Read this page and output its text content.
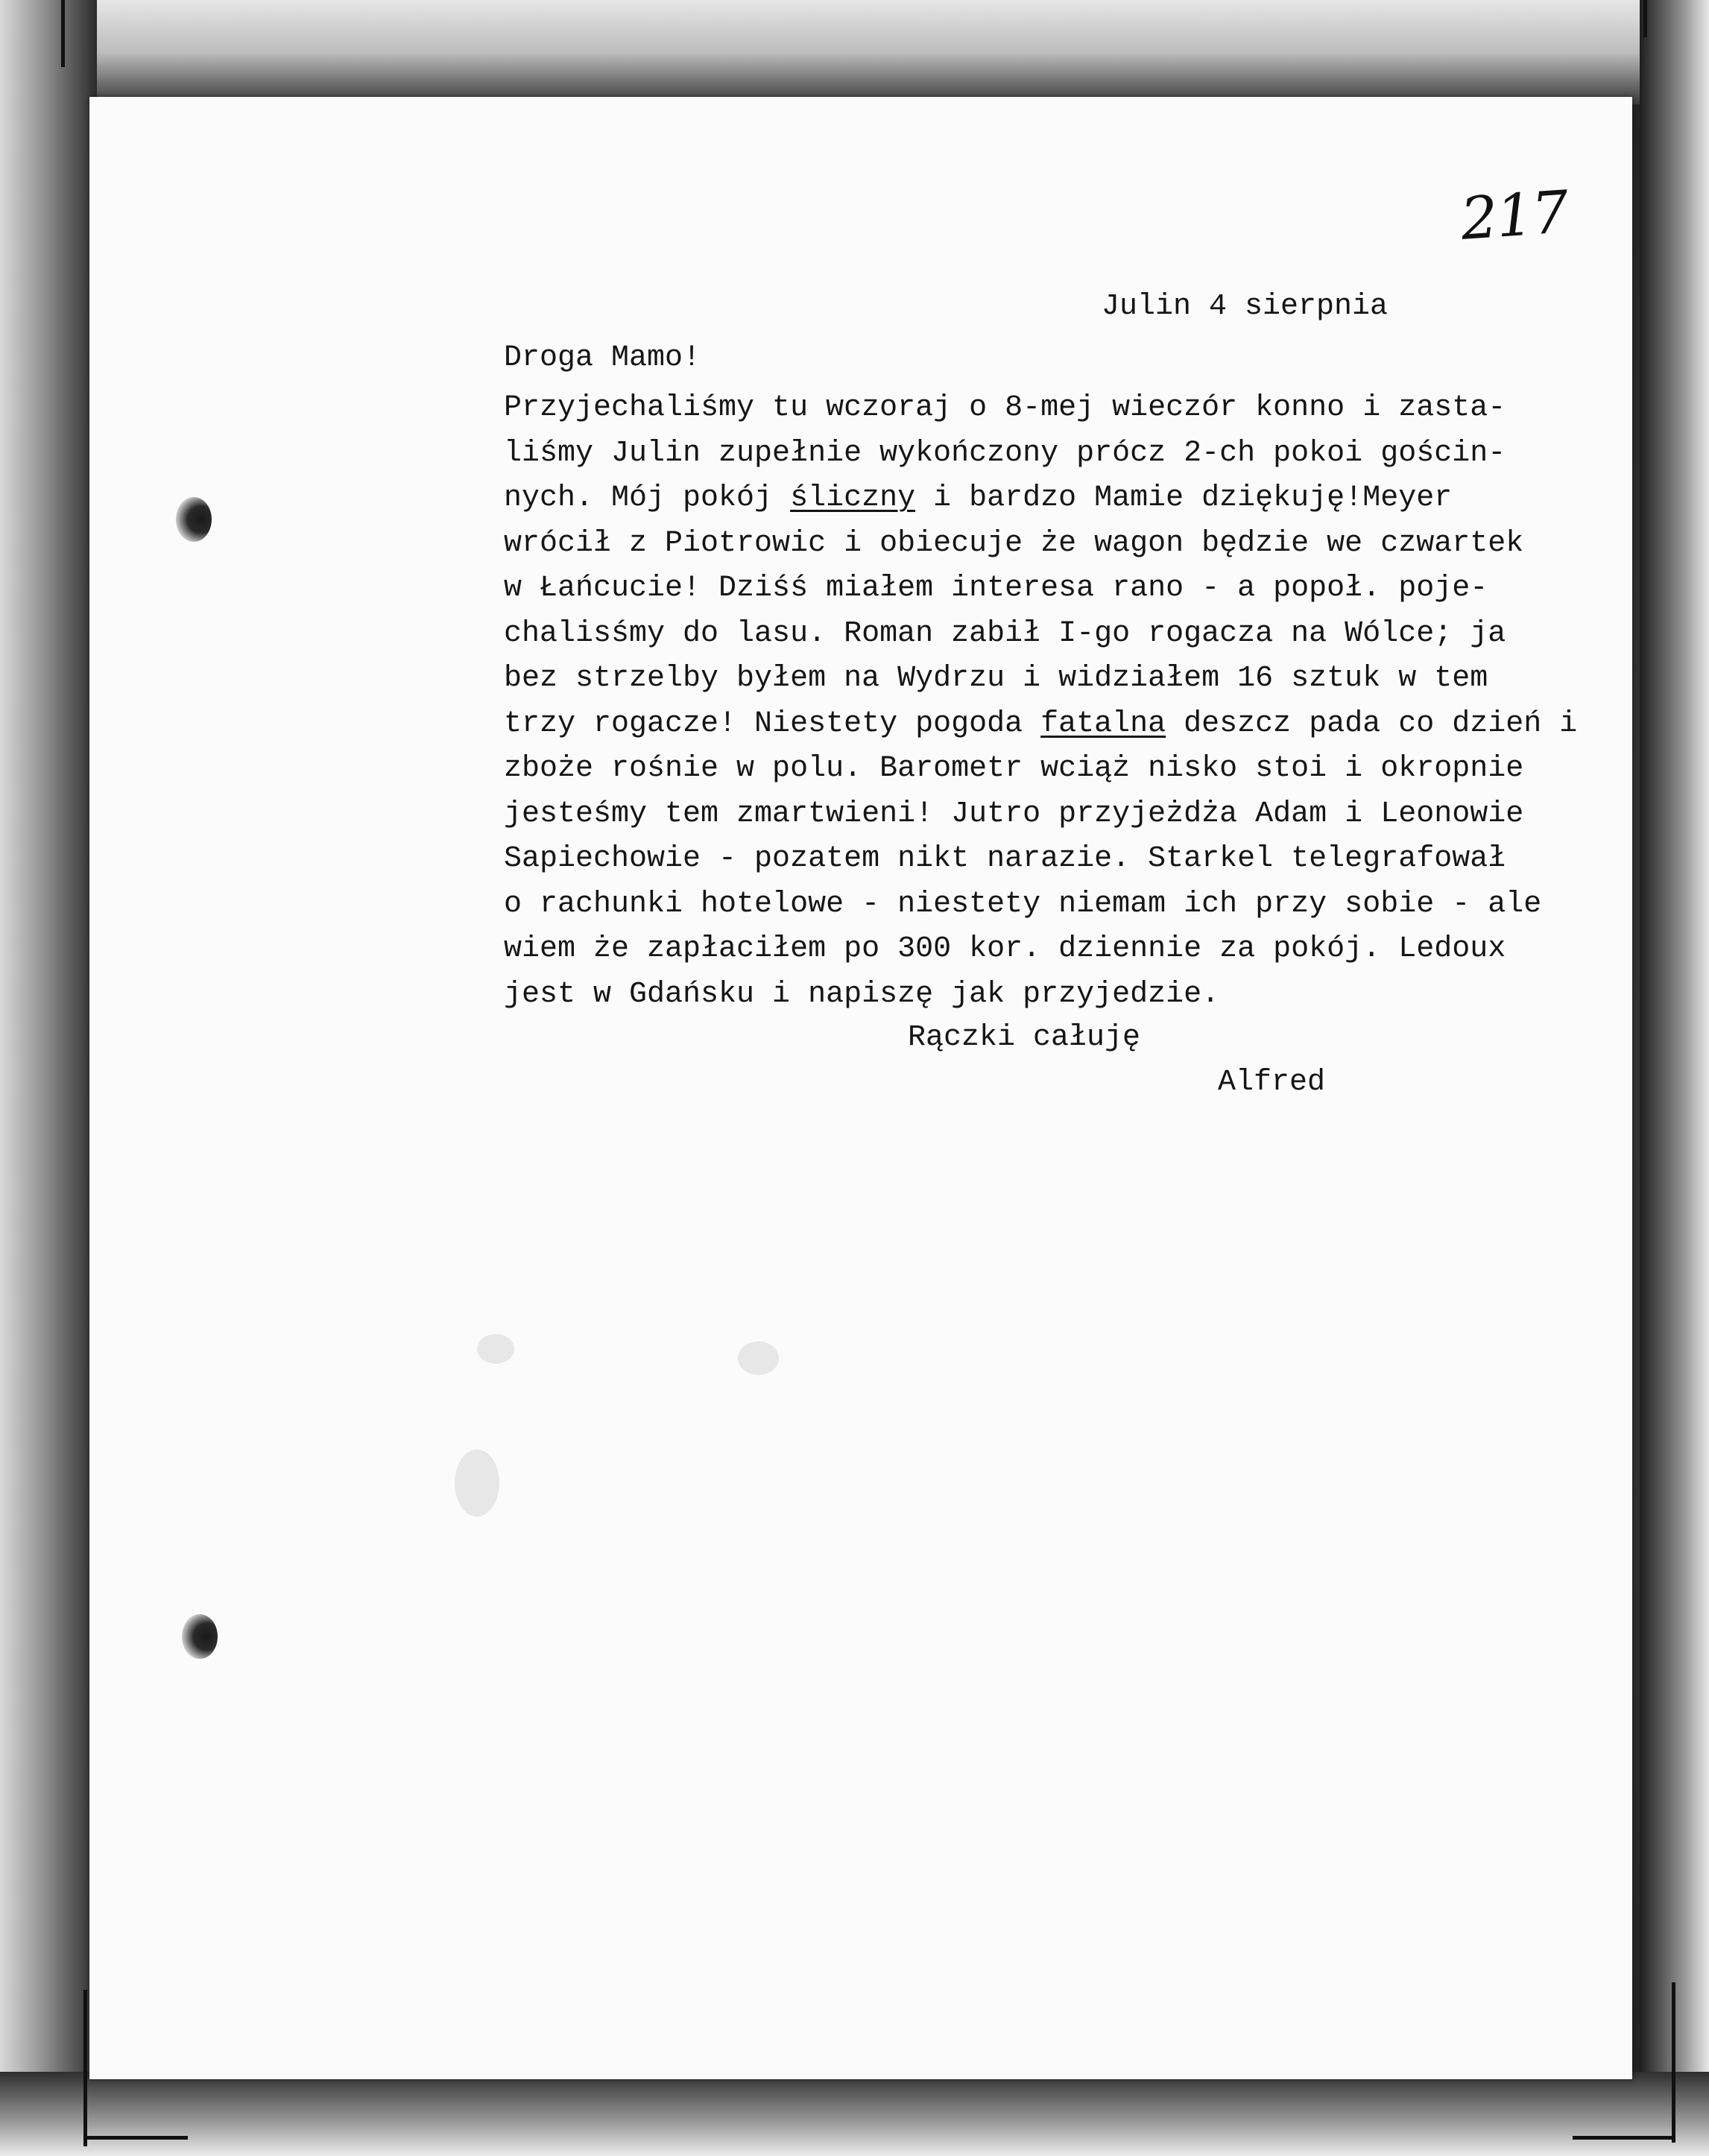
217
Julin 4 sierpnia
Droga Mamo!
Przyjechaliśmy tu wczoraj o 8-mej wieczór konno i zasta-
liśmy Julin zupełnie wykończony prócz 2-ch pokoi gościn-
nych. Mój pokój śliczny i bardzo Mamie dziękuję!Meyer
wrócił z Piotrowic i obiecuje że wagon będzie we czwartek
w Łańcucie! Dziśś miałem interesa rano - a popoł. poje-
chalisśmy do lasu. Roman zabił I-go rogacza na Wólce; ja
bez strzelby byłem na Wydrzu i widziałem 16 sztuk w tem
trzy rogacze! Niestety pogoda fatalna deszcz pada co dzień i
zboże rośnie w polu. Barometr wciąż nisko stoi i okropnie
jesteśmy tem zmartwieni! Jutro przyjeżdża Adam i Leonowie
Sapiechowie - pozatem nikt narazie. Starkel telegrafował
o rachunki hotelowe - niestety niemam ich przy sobie - ale
wiem że zapłaciłem po 300 kor. dziennie za pokój. Ledoux
jest w Gdańsku i napiszę jak przyjedzie.
Rączki całuję
Alfred
